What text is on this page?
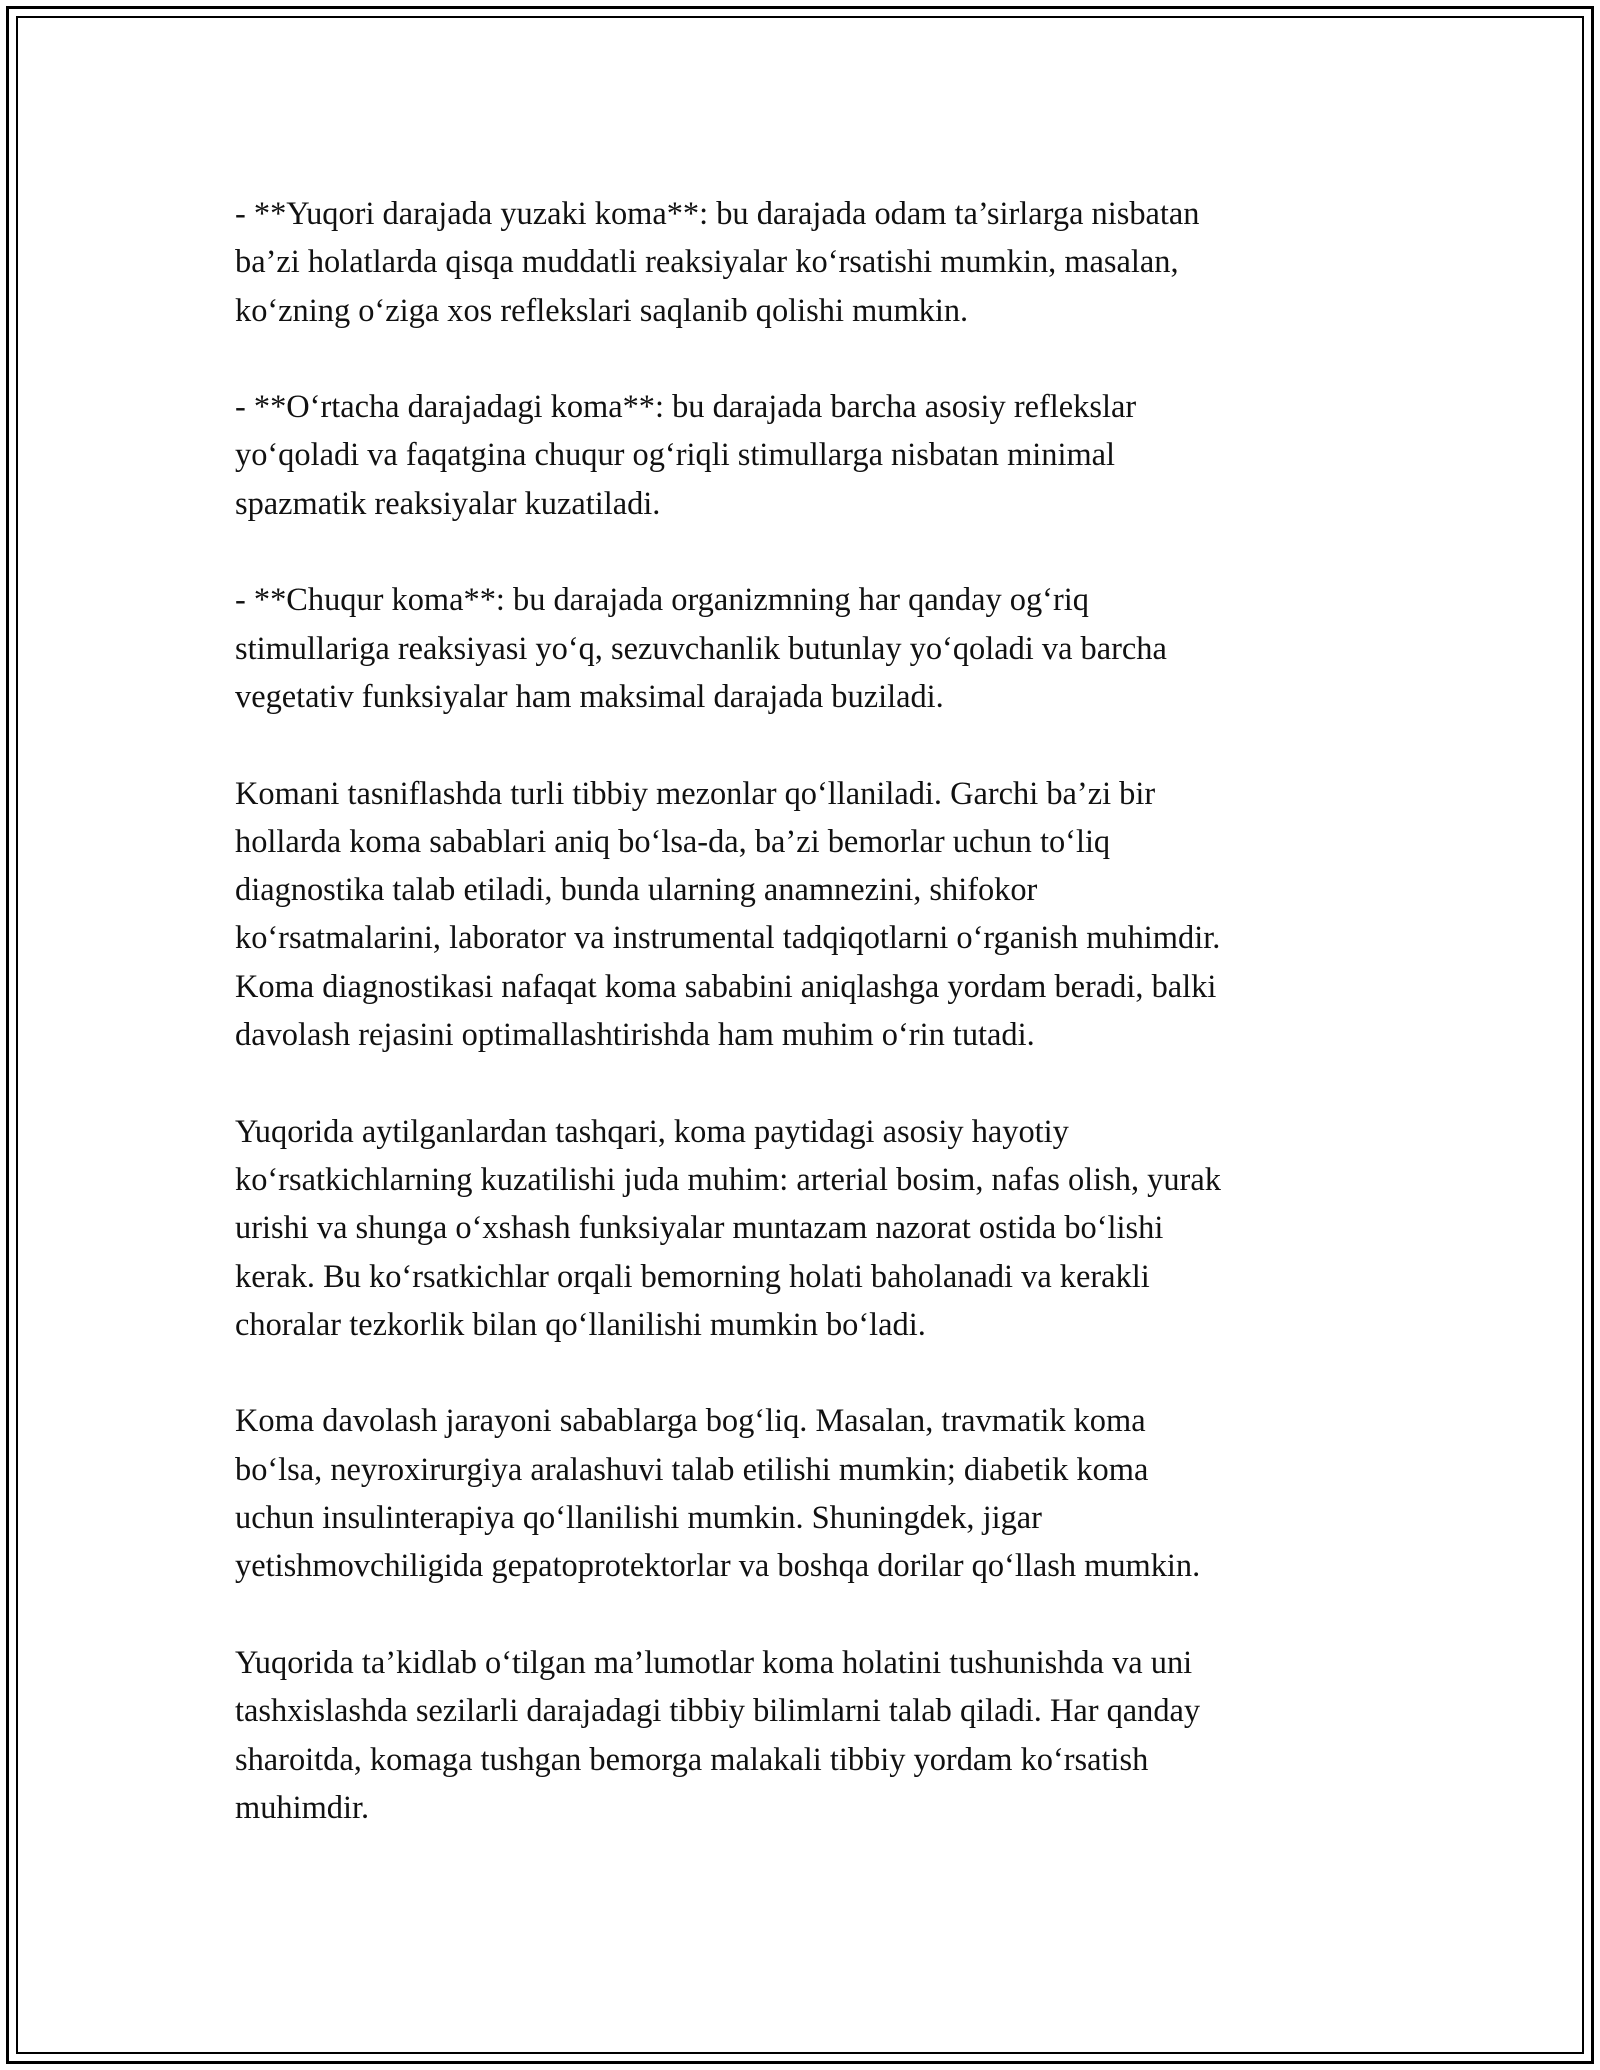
- **Yuqori darajada yuzaki koma**: bu darajada odam ta’sirlarga nisbatan
ba’zi holatlarda qisqa muddatli reaksiyalar ko‘rsatishi mumkin, masalan,
ko‘zning o‘ziga xos reflekslari saqlanib qolishi mumkin.

- **O‘rtacha darajadagi koma**: bu darajada barcha asosiy reflekslar
yo‘qoladi va faqatgina chuqur og‘riqli stimullarga nisbatan minimal
spazmatik reaksiyalar kuzatiladi.

- **Chuqur koma**: bu darajada organizmning har qanday og‘riq
stimullariga reaksiyasi yo‘q, sezuvchanlik butunlay yo‘qoladi va barcha
vegetativ funksiyalar ham maksimal darajada buziladi.

Komani tasniflashda turli tibbiy mezonlar qo‘llaniladi. Garchi ba’zi bir
hollarda koma sabablari aniq bo‘lsa-da, ba’zi bemorlar uchun to‘liq
diagnostika talab etiladi, bunda ularning anamnezini, shifokor
ko‘rsatmalarini, laborator va instrumental tadqiqotlarni o‘rganish muhimdir.
Koma diagnostikasi nafaqat koma sababini aniqlashga yordam beradi, balki
davolash rejasini optimallashtirishda ham muhim o‘rin tutadi.

Yuqorida aytilganlardan tashqari, koma paytidagi asosiy hayotiy
ko‘rsatkichlarning kuzatilishi juda muhim: arterial bosim, nafas olish, yurak
urishi va shunga o‘xshash funksiyalar muntazam nazorat ostida bo‘lishi
kerak. Bu ko‘rsatkichlar orqali bemorning holati baholanadi va kerakli
choralar tezkorlik bilan qo‘llanilishi mumkin bo‘ladi.

Koma davolash jarayoni sabablarga bog‘liq. Masalan, travmatik koma
bo‘lsa, neyroxirurgiya aralashuvi talab etilishi mumkin; diabetik koma
uchun insulinterapiya qo‘llanilishi mumkin. Shuningdek, jigar
yetishmovchiligida gepatoprotektorlar va boshqa dorilar qo‘llash mumkin.

Yuqorida ta’kidlab o‘tilgan ma’lumotlar koma holatini tushunishda va uni
tashxislashda sezilarli darajadagi tibbiy bilimlarni talab qiladi. Har qanday
sharoitda, komaga tushgan bemorga malakali tibbiy yordam ko‘rsatish
muhimdir.
